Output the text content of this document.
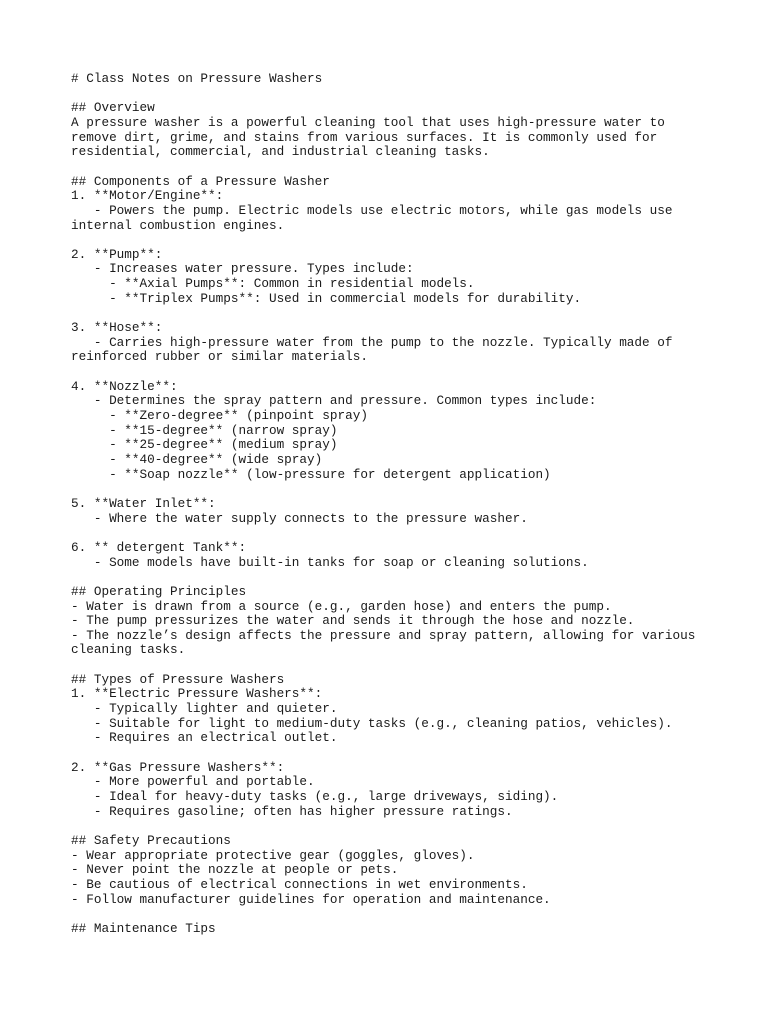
# Class Notes on Pressure Washers
## Overview
A pressure washer is a powerful cleaning tool that uses high-pressure water to
remove dirt, grime, and stains from various surfaces. It is commonly used for
residential, commercial, and industrial cleaning tasks.
## Components of a Pressure Washer
1. **Motor/Engine**:
- Powers the pump. Electric models use electric motors, while gas models use
internal combustion engines.
2. **Pump**:
- Increases water pressure. Types include:
- **Axial Pumps**: Common in residential models.
- **Triplex Pumps**: Used in commercial models for durability.
3. **Hose**:
- Carries high-pressure water from the pump to the nozzle. Typically made of
reinforced rubber or similar materials.
4. **Nozzle**:
- Determines the spray pattern and pressure. Common types include:
- **Zero-degree** (pinpoint spray)
- **15-degree** (narrow spray)
- **25-degree** (medium spray)
- **40-degree** (wide spray)
- **Soap nozzle** (low-pressure for detergent application)
5. **Water Inlet**:
- Where the water supply connects to the pressure washer.
6. ** detergent Tank**:
- Some models have built-in tanks for soap or cleaning solutions.
## Operating Principles
- Water is drawn from a source (e.g., garden hose) and enters the pump.
- The pump pressurizes the water and sends it through the hose and nozzle.
- The nozzle’s design affects the pressure and spray pattern, allowing for various
cleaning tasks.
## Types of Pressure Washers
1. **Electric Pressure Washers**:
- Typically lighter and quieter.
- Suitable for light to medium-duty tasks (e.g., cleaning patios, vehicles).
- Requires an electrical outlet.
2. **Gas Pressure Washers**:
- More powerful and portable.
- Ideal for heavy-duty tasks (e.g., large driveways, siding).
- Requires gasoline; often has higher pressure ratings.
## Safety Precautions
- Wear appropriate protective gear (goggles, gloves).
- Never point the nozzle at people or pets.
- Be cautious of electrical connections in wet environments.
- Follow manufacturer guidelines for operation and maintenance.
## Maintenance Tips
